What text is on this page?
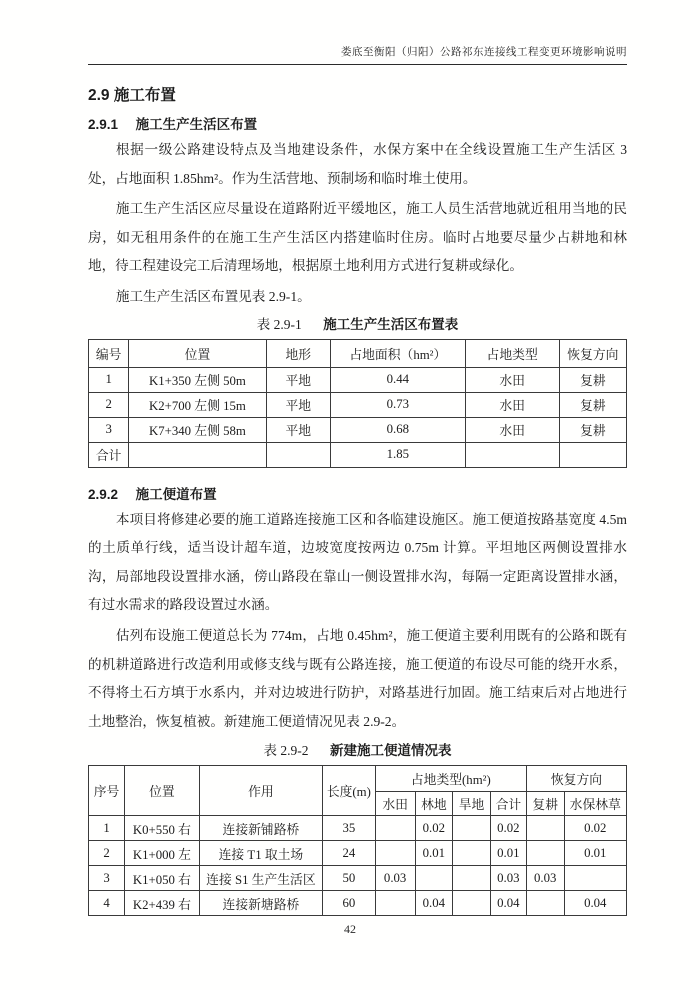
娄底至衡阳（归阳）公路祁东连接线工程变更环境影响说明
2.9 施工布置
2.9.1 施工生产生活区布置

根据一级公路建设特点及当地建设条件，水保方案中在全线设置施工生产生活区 3 处，占地面积 1.85hm²。作为生活营地、预制场和临时堆土使用。

施工生产生活区应尽量设在道路附近平缓地区，施工人员生活营地就近租用当地的民房，如无租用条件的在施工生产生活区内搭建临时住房。临时占地要尽量少占耕地和林地，待工程建设完工后清理场地，根据原土地利用方式进行复耕或绿化。

施工生产生活区布置见表 2.9-1。

表 2.9-1 施工生产生活区布置表
编号	位置	地形	占地面积（hm²）	占地类型	恢复方向
1	K1+350 左侧 50m	平地	0.44	水田	复耕
2	K2+700 左侧 15m	平地	0.73	水田	复耕
3	K7+340 左侧 58m	平地	0.68	水田	复耕
合计			1.85		
2.9.2 施工便道布置

本项目将修建必要的施工道路连接施工区和各临建设施区。施工便道按路基宽度 4.5m 的土质单行线，适当设计超车道，边坡宽度按两边 0.75m 计算。平坦地区两侧设置排水沟，局部地段设置排水涵，傍山路段在靠山一侧设置排水沟，每隔一定距离设置排水涵，有过水需求的路段设置过水涵。

估列布设施工便道总长为 774m，占地 0.45hm²，施工便道主要利用既有的公路和既有的机耕道路进行改造利用或修支线与既有公路连接，施工便道的布设尽可能的绕开水系，不得将土石方填于水系内，并对边坡进行防护，对路基进行加固。施工结束后对占地进行土地整治，恢复植被。新建施工便道情况见表 2.9-2。

表 2.9-2 新建施工便道情况表
序号	位置	作用	长度(m)	占地类型(hm²)				恢复方向	
				水田	林地	旱地	合计	复耕	水保林草
1	K0+550 右	连接新铺路桥	35		0.02		0.02		0.02
2	K1+000 左	连接 T1 取土场	24		0.01		0.01		0.01
3	K1+050 右	连接 S1 生产生活区	50	0.03			0.03	0.03	
4	K2+439 右	连接新塘路桥	60		0.04		0.04		0.04
42
